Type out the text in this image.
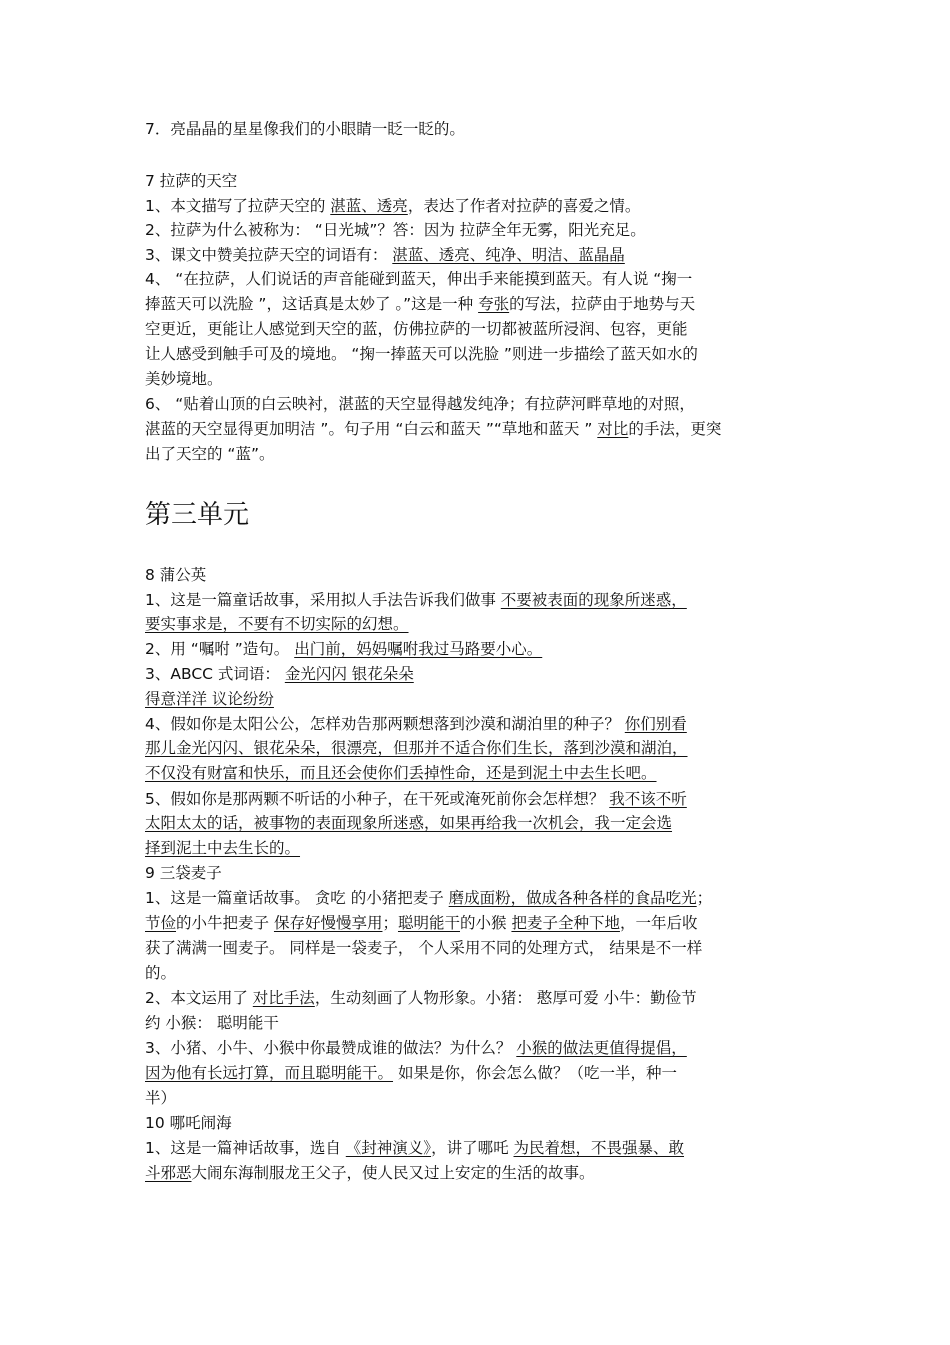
7．亮晶晶的星星像我们的小眼睛一眨一眨的。
7 拉萨的天空
1、本文描写了拉萨天空的 湛蓝、透亮，表达了作者对拉萨的喜爱之情。
2、拉萨为什么被称为： “日光城”？答：因为 拉萨全年无雾，阳光充足。
3、课文中赞美拉萨天空的词语有： 湛蓝、透亮、纯净、明洁、蓝晶晶
4、 “在拉萨，人们说话的声音能碰到蓝天，伸出手来能摸到蓝天。有人说 “掬一
捧蓝天可以洗脸 ”，这话真是太妙了 。”这是一种 夸张的写法，拉萨由于地势与天
空更近，更能让人感觉到天空的蓝，仿佛拉萨的一切都被蓝所浸润、包容，更能
让人感受到触手可及的境地。 “掬一捧蓝天可以洗脸 ”则进一步描绘了蓝天如水的
美妙境地。
6、 “贴着山顶的白云映衬，湛蓝的天空显得越发纯净；有拉萨河畔草地的对照，
湛蓝的天空显得更加明洁 ”。句子用 “白云和蓝天 ”“草地和蓝天 ” 对比的手法，更突
出了天空的 “蓝”。
第三单元
8 蒲公英
1、这是一篇童话故事，采用拟人手法告诉我们做事 不要被表面的现象所迷惑，
要实事求是，不要有不切实际的幻想。
2、用 “嘱咐 ”造句。 出门前，妈妈嘱咐我过马路要小心。
3、ABCC 式词语： 金光闪闪 银花朵朵
得意洋洋 议论纷纷
4、假如你是太阳公公，怎样劝告那两颗想落到沙漠和湖泊里的种子？ 你们别看
那儿金光闪闪、银花朵朵，很漂亮，但那并不适合你们生长，落到沙漠和湖泊，
不仅没有财富和快乐，而且还会使你们丢掉性命，还是到泥土中去生长吧。
5、假如你是那两颗不听话的小种子，在干死或淹死前你会怎样想？ 我不该不听
太阳太太的话，被事物的表面现象所迷惑，如果再给我一次机会，我一定会选
择到泥土中去生长的。
9 三袋麦子
1、这是一篇童话故事。 贪吃 的小猪把麦子 磨成面粉，做成各种各样的食品吃光；
节俭的小牛把麦子 保存好慢慢享用；聪明能干的小猴 把麦子全种下地，一年后收
获了满满一囤麦子。 同样是一袋麦子， 个人采用不同的处理方式， 结果是不一样
的。
2、本文运用了 对比手法，生动刻画了人物形象。小猪： 憨厚可爱 小牛：勤俭节
约 小猴： 聪明能干
3、小猪、小牛、小猴中你最赞成谁的做法？为什么？ 小猴的做法更值得提倡，
因为他有长远打算，而且聪明能干。 如果是你，你会怎么做？（吃一半，种一
半）
10 哪吒闹海
1、这是一篇神话故事，选自 《封神演义》，讲了哪吒 为民着想，不畏强暴、敢
斗邪恶大闹东海制服龙王父子，使人民又过上安定的生活的故事。
